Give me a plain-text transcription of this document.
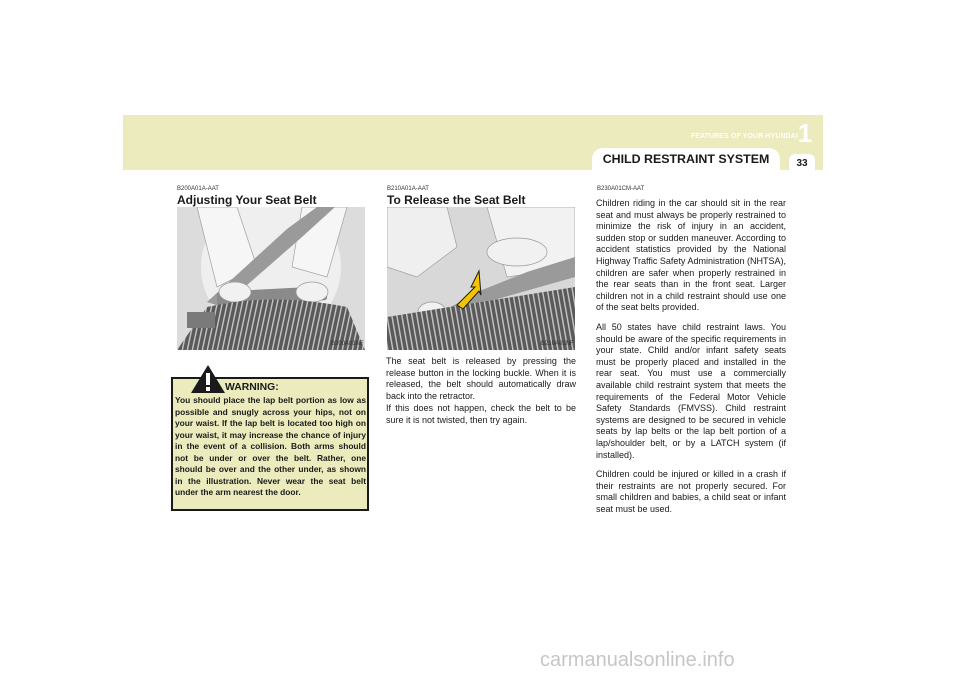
1
FEATURES OF YOUR HYUNDAI
CHILD RESTRAINT SYSTEM	33
B200A01A-AAT
Adjusting Your Seat Belt
B200A01NF
WARNING:
You should place the lap belt portion as low as possible and snugly across your hips, not on your waist. If the lap belt is located too high on your waist, it may increase the chance of injury in the event of a collision. Both arms should not be under or over the belt. Rather, one should be over and the other under, as shown in the illustration. Never wear the seat belt under the arm nearest the door.
B210A01A-AAT
To Release the Seat Belt
B210A01NF
The seat belt is released by pressing the release button in the locking buckle. When it is released, the belt should automatically draw back into the retractor.
If this does not happen, check the belt to be sure it is not twisted, then try again.
B230A01CM-AAT
Children riding in the car should sit in the rear seat and must always be properly restrained to minimize the risk of injury in an accident, sudden stop or sudden maneuver. According to accident statistics provided by the National Highway Traffic Safety Administration (NHTSA), children are safer when properly restrained in the rear seats than in the front seat. Larger children not in a child restraint should use one of the seat belts provided.
All 50 states have child restraint laws. You should be aware of the specific requirements in your state. Child and/or infant safety seats must be properly placed and installed in the rear seat. You must use a commercially available child restraint system that meets the requirements of the Federal Motor Vehicle Safety Standards (FMVSS). Child restraint systems are designed to be secured in vehicle seats by lap belts or the lap belt portion of a lap/shoulder belt, or by a LATCH system (if installed).
Children could be injured or killed in a crash if their restraints are not properly secured. For small children and babies, a child seat or infant seat must be used.
carmanualsonline.info
